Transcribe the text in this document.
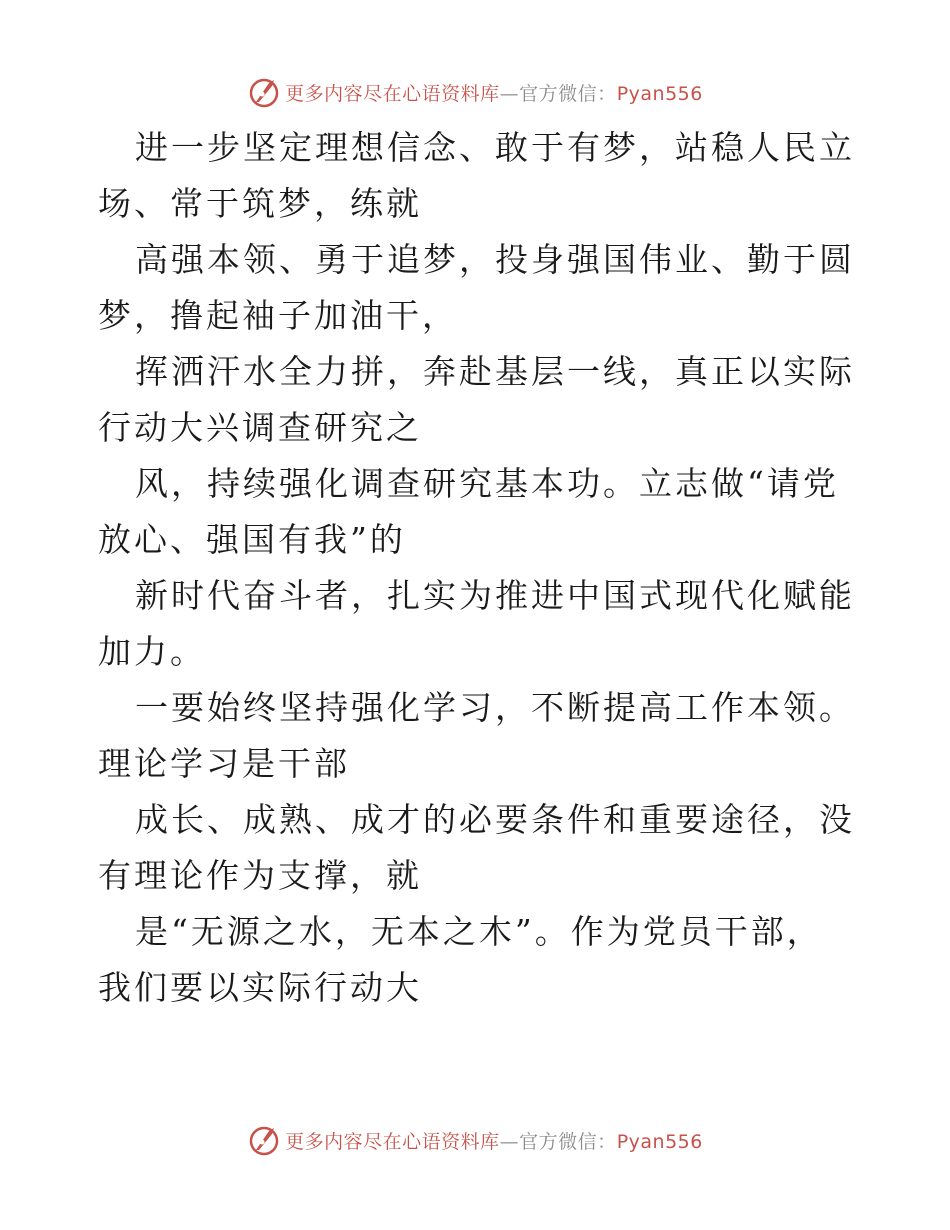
更多内容尽在心语资料库—官方微信：Pyan556

进一步坚定理想信念、敢于有梦，站稳人民立场、常于筑梦，练就

高强本领、勇于追梦，投身强国伟业、勤于圆梦，撸起袖子加油干，

挥洒汗水全力拼，奔赴基层一线，真正以实际行动大兴调查研究之

风，持续强化调查研究基本功。立志做“请党放心、强国有我”的

新时代奋斗者，扎实为推进中国式现代化赋能加力。

一要始终坚持强化学习，不断提高工作本领。理论学习是干部

成长、成熟、成才的必要条件和重要途径，没有理论作为支撑，就

是“无源之水，无本之木”。作为党员干部，我们要以实际行动大

更多内容尽在心语资料库—官方微信：Pyan556
